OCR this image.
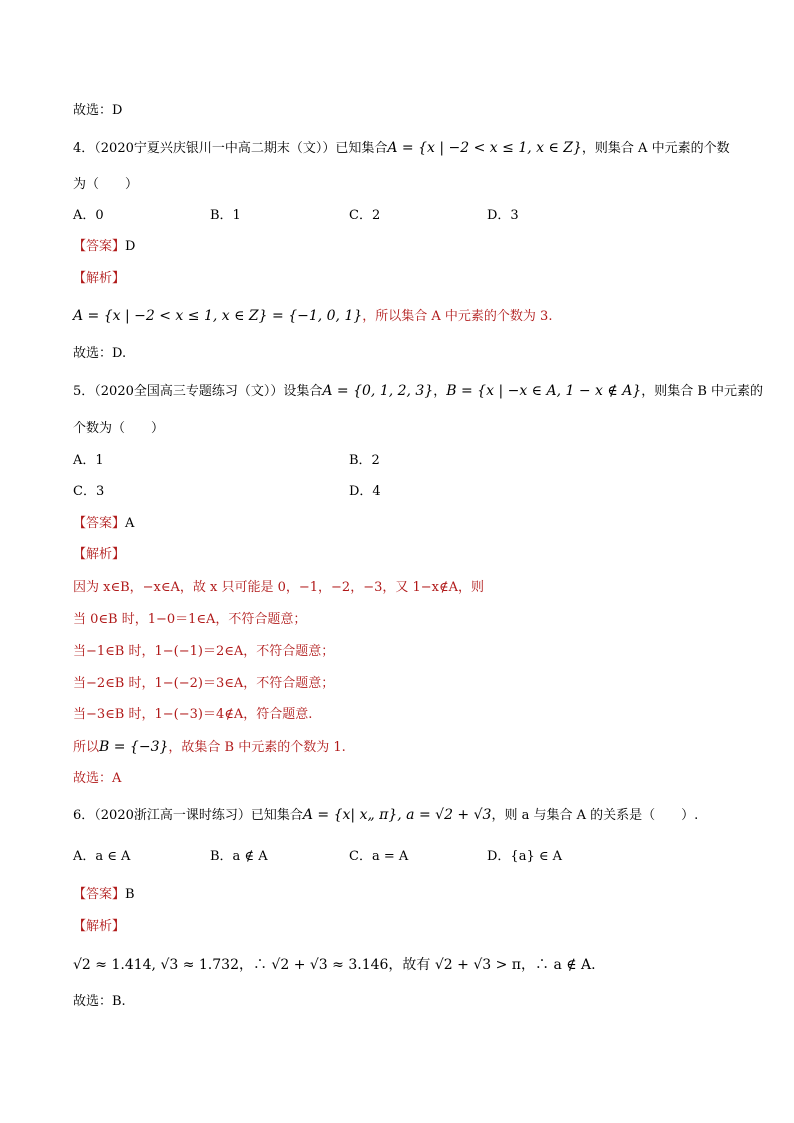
故选：D
4．（2020宁夏兴庆银川一中高二期末（文））已知集合A = {x | −2 < x ≤ 1, x ∈ Z}，则集合 A 中元素的个数
为（　　）
A．0	B．1	C．2	D．3
【答案】D
【解析】
A = {x | −2 < x ≤ 1, x ∈ Z} = {−1, 0, 1}，所以集合 A 中元素的个数为 3.
故选：D.
5．（2020全国高三专题练习（文））设集合A = {0, 1, 2, 3}，B = {x | −x ∈ A, 1 − x ∉ A}，则集合 B 中元素的
个数为（　　）
A．1	B．2
C．3	D．4
【答案】A
【解析】
因为 x∈B，−x∈A，故 x 只可能是 0，−1，−2，−3，又 1−x∉A，则
当 0∈B 时，1−0＝1∈A，不符合题意；
当−1∈B 时，1−(−1)＝2∈A，不符合题意；
当−2∈B 时，1−(−2)＝3∈A，不符合题意；
当−3∈B 时，1−(−3)＝4∉A，符合题意.
所以B = {−3}，故集合 B 中元素的个数为 1.
故选：A
6．（2020浙江高一课时练习）已知集合A = {x| x„ π}, a = √2 + √3，则 a 与集合 A 的关系是（　　）.
A．a ∈ A	B．a ∉ A	C．a = A	D．{a} ∈ A
【答案】B
【解析】
√2 ≈ 1.414, √3 ≈ 1.732，∴ √2 + √3 ≈ 3.146，故有 √2 + √3 > π，∴ a ∉ A.
故选：B.
